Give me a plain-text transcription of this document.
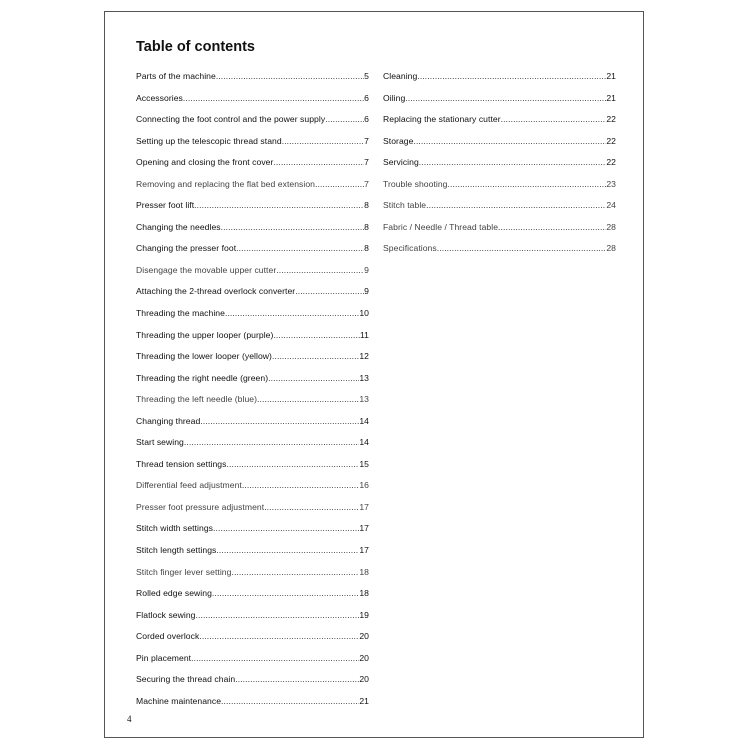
Table of contents
Parts of the machine .....	5
Accessories .....	6
Connecting the foot control and the power supply .....	6
Setting up the telescopic thread stand .....	7
Opening and closing the front cover .....	7
Removing and replacing the flat bed extension .....	7
Presser foot lift .....	8
Changing the needles .....	8
Changing the presser foot .....	8
Disengage the movable upper cutter .....	9
Attaching the 2-thread overlock converter .....	9
Threading the machine .....	10
Threading the upper looper (purple) .....	11
Threading the lower looper (yellow) .....	12
Threading the right needle (green) .....	13
Threading the left needle (blue) .....	13
Changing thread .....	14
Start sewing .....	14
Thread tension settings .....	15
Differential feed adjustment .....	16
Presser foot pressure adjustment .....	17
Stitch width settings .....	17
Stitch length settings .....	17
Stitch finger lever setting .....	18
Rolled edge sewing .....	18
Flatlock sewing .....	19
Corded overlock .....	20
Pin placement .....	20
Securing the thread chain .....	20
Machine maintenance .....	21
Cleaning .....	21
Oiling .....	21
Replacing the stationary cutter .....	22
Storage .....	22
Servicing .....	22
Trouble shooting .....	23
Stitch table .....	24
Fabric / Needle / Thread table .....	28
Specifications .....	28
4
